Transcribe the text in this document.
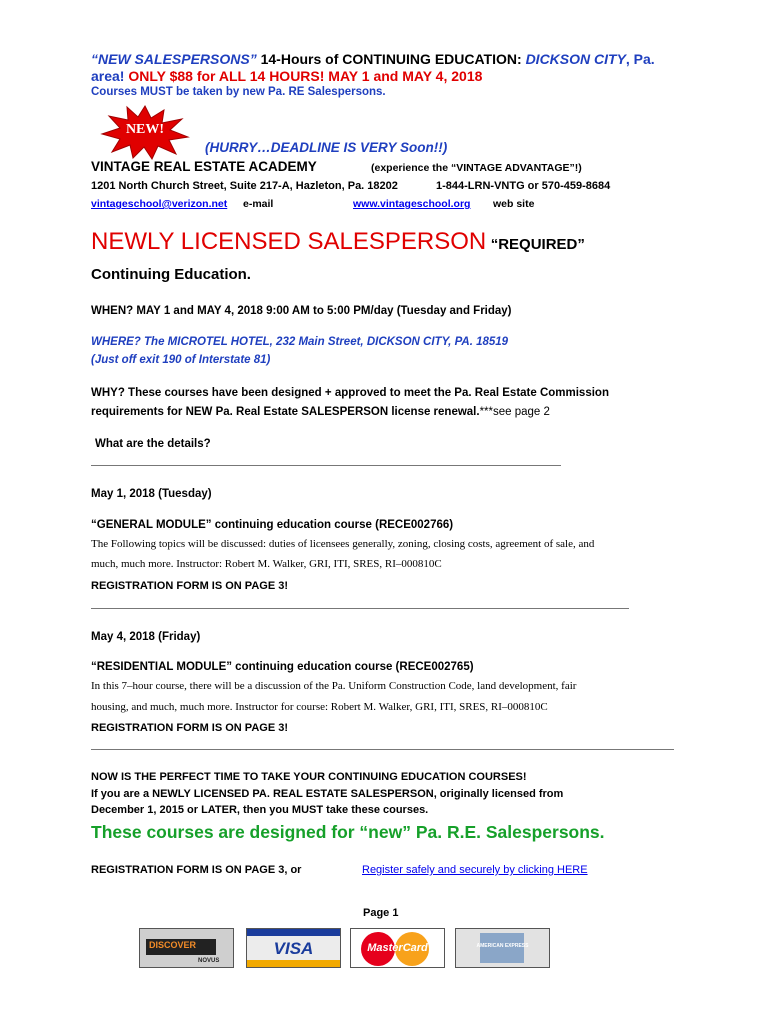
“NEW SALESPERSONS” 14-Hours of CONTINUING EDUCATION: DICKSON CITY, Pa.
area! ONLY $88 for ALL 14 HOURS! MAY 1 and MAY 4, 2018
Courses MUST be taken by new Pa. RE Salespersons.
NEW!
(HURRY…DEADLINE IS VERY Soon!!)
VINTAGE REAL ESTATE ACADEMY	(experience the “VINTAGE ADVANTAGE”!)
1201 North Church Street, Suite 217-A, Hazleton, Pa. 18202	1-844-LRN-VNTG or 570-459-8684
vintageschool@verizon.net e-mail	www.vintageschool.org web site
NEWLY LICENSED SALESPERSON “REQUIRED”
Continuing Education.
WHEN? MAY 1 and MAY 4, 2018 9:00 AM to 5:00 PM/day (Tuesday and Friday)
WHERE? The MICROTEL HOTEL, 232 Main Street, DICKSON CITY, PA. 18519
(Just off exit 190 of Interstate 81)
WHY? These courses have been designed + approved to meet the Pa. Real Estate Commission
requirements for NEW Pa. Real Estate SALESPERSON license renewal.***see page 2
What are the details?
May 1, 2018 (Tuesday)
“GENERAL MODULE” continuing education course (RECE002766)
The Following topics will be discussed: duties of licensees generally, zoning, closing costs, agreement of sale, and
much, much more. Instructor: Robert M. Walker, GRI, ITI, SRES, RI–000810C
REGISTRATION FORM IS ON PAGE 3!
May 4, 2018 (Friday)
“RESIDENTIAL MODULE” continuing education course (RECE002765)
In this 7–hour course, there will be a discussion of the Pa. Uniform Construction Code, land development, fair
housing, and much, much more. Instructor for course: Robert M. Walker, GRI, ITI, SRES, RI–000810C
REGISTRATION FORM IS ON PAGE 3!
NOW IS THE PERFECT TIME TO TAKE YOUR CONTINUING EDUCATION COURSES!
If you are a NEWLY LICENSED PA. REAL ESTATE SALESPERSON, originally licensed from
December 1, 2015 or LATER, then you MUST take these courses.
These courses are designed for “new” Pa. R.E. Salespersons.
REGISTRATION FORM IS ON PAGE 3, or	Register safely and securely by clicking HERE
Page 1
DISCOVER
NOVUS
VISA	MasterCard	AMERICAN EXPRESS
